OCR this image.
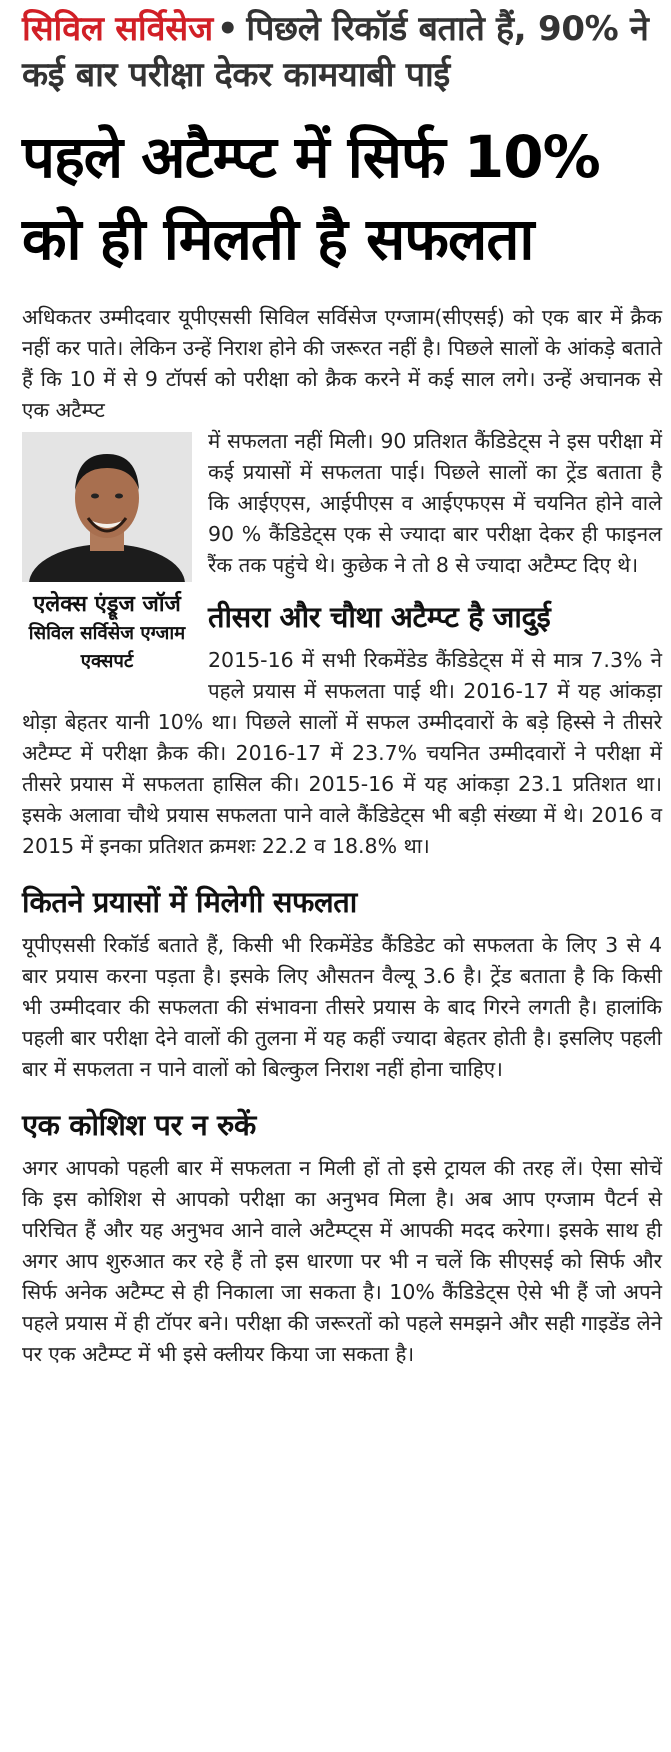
सिविल सर्विसेज • पिछले रिकॉर्ड बताते हैं, 90% ने कई बार परीक्षा देकर कामयाबी पाई
पहले अटैम्प्ट में सिर्फ 10% को ही मिलती है सफलता

अधिकतर उम्मीदवार यूपीएससी सिविल सर्विसेज एग्जाम(सीएसई) को एक बार में क्रैक नहीं कर पाते। लेकिन उन्हें निराश होने की जरूरत नहीं है। पिछले सालों के आंकड़े बताते हैं कि 10 में से 9 टॉपर्स को परीक्षा को क्रैक करने में कई साल लगे। उन्हें अचानक से एक अटैम्प्ट

एलेक्स एंड्रूज जॉर्ज
सिविल सर्विसेज एग्जाम एक्सपर्ट

में सफलता नहीं मिली। 90 प्रतिशत कैंडिडेट्स ने इस परीक्षा में कई प्रयासों में सफलता पाई। पिछले सालों का ट्रेंड बताता है कि आईएएस, आईपीएस व आईएफएस में चयनित होने वाले 90 % कैंडिडेट्स एक से ज्यादा बार परीक्षा देकर ही फाइनल रैंक तक पहुंचे थे। कुछेक ने तो 8 से ज्यादा अटैम्प्ट दिए थे।

तीसरा और चौथा अटैम्प्ट है जादुई

2015-16 में सभी रिकमेंडेड कैंडिडेट्स में से मात्र 7.3% ने पहले प्रयास में सफलता पाई थी। 2016-17 में यह आंकड़ा थोड़ा बेहतर यानी 10% था। पिछले सालों में सफल उम्मीदवारों के बड़े हिस्से ने तीसरे अटैम्प्ट में परीक्षा क्रैक की। 2016-17 में 23.7% चयनित उम्मीदवारों ने परीक्षा में तीसरे प्रयास में सफलता हासिल की। 2015-16 में यह आंकड़ा 23.1 प्रतिशत था। इसके अलावा चौथे प्रयास सफलता पाने वाले कैंडिडेट्स भी बड़ी संख्या में थे। 2016 व 2015 में इनका प्रतिशत क्रमशः 22.2 व 18.8% था।

कितने प्रयासों में मिलेगी सफलता

यूपीएससी रिकॉर्ड बताते हैं, किसी भी रिकमेंडेड कैंडिडेट को सफलता के लिए 3 से 4 बार प्रयास करना पड़ता है। इसके लिए औसतन वैल्यू 3.6 है। ट्रेंड बताता है कि किसी भी उम्मीदवार की सफलता की संभावना तीसरे प्रयास के बाद गिरने लगती है। हालांकि पहली बार परीक्षा देने वालों की तुलना में यह कहीं ज्यादा बेहतर होती है। इसलिए पहली बार में सफलता न पाने वालों को बिल्कुल निराश नहीं होना चाहिए।

एक कोशिश पर न रुकें

अगर आपको पहली बार में सफलता न मिली हों तो इसे ट्रायल की तरह लें। ऐसा सोचें कि इस कोशिश से आपको परीक्षा का अनुभव मिला है। अब आप एग्जाम पैटर्न से परिचित हैं और यह अनुभव आने वाले अटैम्प्ट्स में आपकी मदद करेगा। इसके साथ ही अगर आप शुरुआत कर रहे हैं तो इस धारणा पर भी न चलें कि सीएसई को सिर्फ और सिर्फ अनेक अटैम्प्ट से ही निकाला जा सकता है। 10% कैंडिडेट्स ऐसे भी हैं जो अपने पहले प्रयास में ही टॉपर बने। परीक्षा की जरूरतों को पहले समझने और सही गाइडेंड लेने पर एक अटैम्प्ट में भी इसे क्लीयर किया जा सकता है।
